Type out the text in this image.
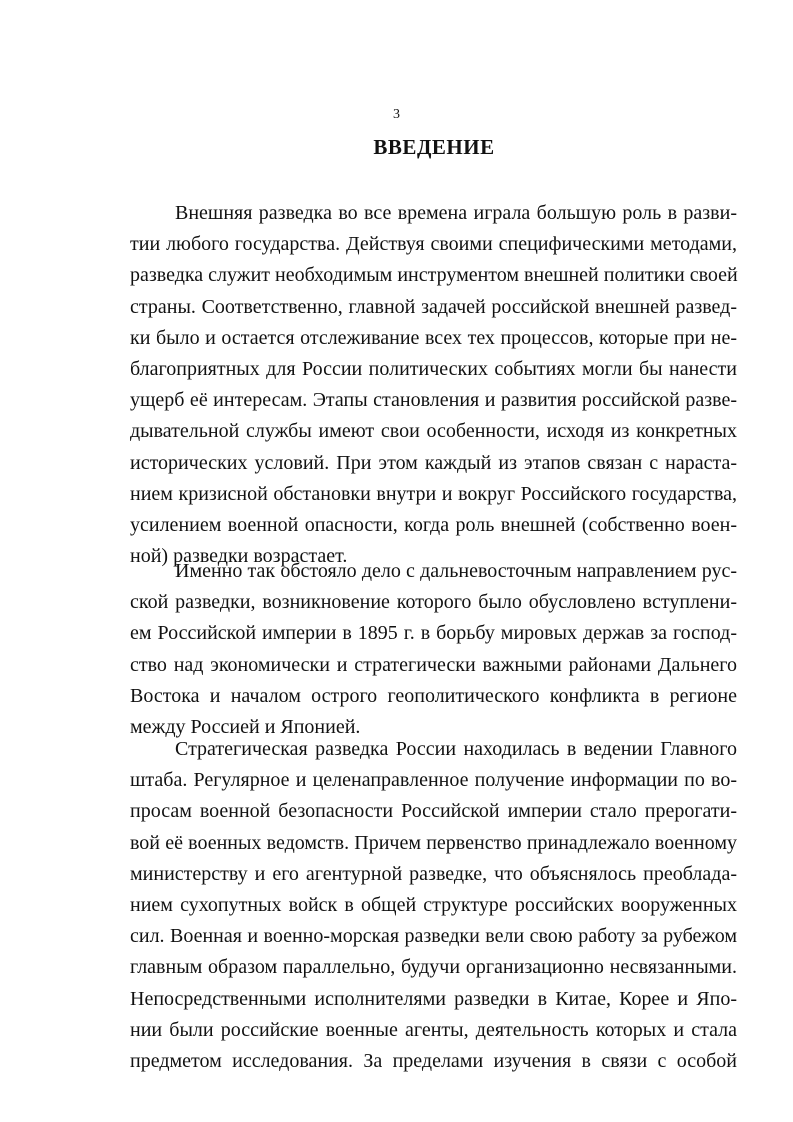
3
ВВЕДЕНИЕ
Внешняя разведка во все времена играла большую роль в разви-
тии любого государства. Действуя своими специфическими методами,
разведка служит необходимым инструментом внешней политики своей
страны. Соответственно, главной задачей российской внешней развед-
ки было и остается отслеживание всех тех процессов, которые при не-
благоприятных для России политических событиях могли бы нанести
ущерб её интересам. Этапы становления и развития российской разве-
дывательной службы имеют свои особенности, исходя из конкретных
исторических условий. При этом каждый из этапов связан с нараста-
нием кризисной обстановки внутри и вокруг Российского государства,
усилением военной опасности, когда роль внешней (собственно воен-
ной) разведки возрастает.
Именно так обстояло дело с дальневосточным направлением рус-
ской разведки, возникновение которого было обусловлено вступлени-
ем Российской империи в 1895 г. в борьбу мировых держав за господ-
ство над экономически и стратегически важными районами Дальнего
Востока и началом острого геополитического конфликта в регионе
между Россией и Японией.
Стратегическая разведка России находилась в ведении Главного
штаба. Регулярное и целенаправленное получение информации по во-
просам военной безопасности Российской империи стало прерогати-
вой её военных ведомств. Причем первенство принадлежало военному
министерству и его агентурной разведке, что объяснялось преоблада-
нием сухопутных войск в общей структуре российских вооруженных
сил. Военная и военно-морская разведки вели свою работу за рубежом
главным образом параллельно, будучи организационно несвязанными.
Непосредственными исполнителями разведки в Китае, Корее и Япо-
нии были российские военные агенты, деятельность которых и стала
предметом исследования. За пределами изучения в связи с особой
